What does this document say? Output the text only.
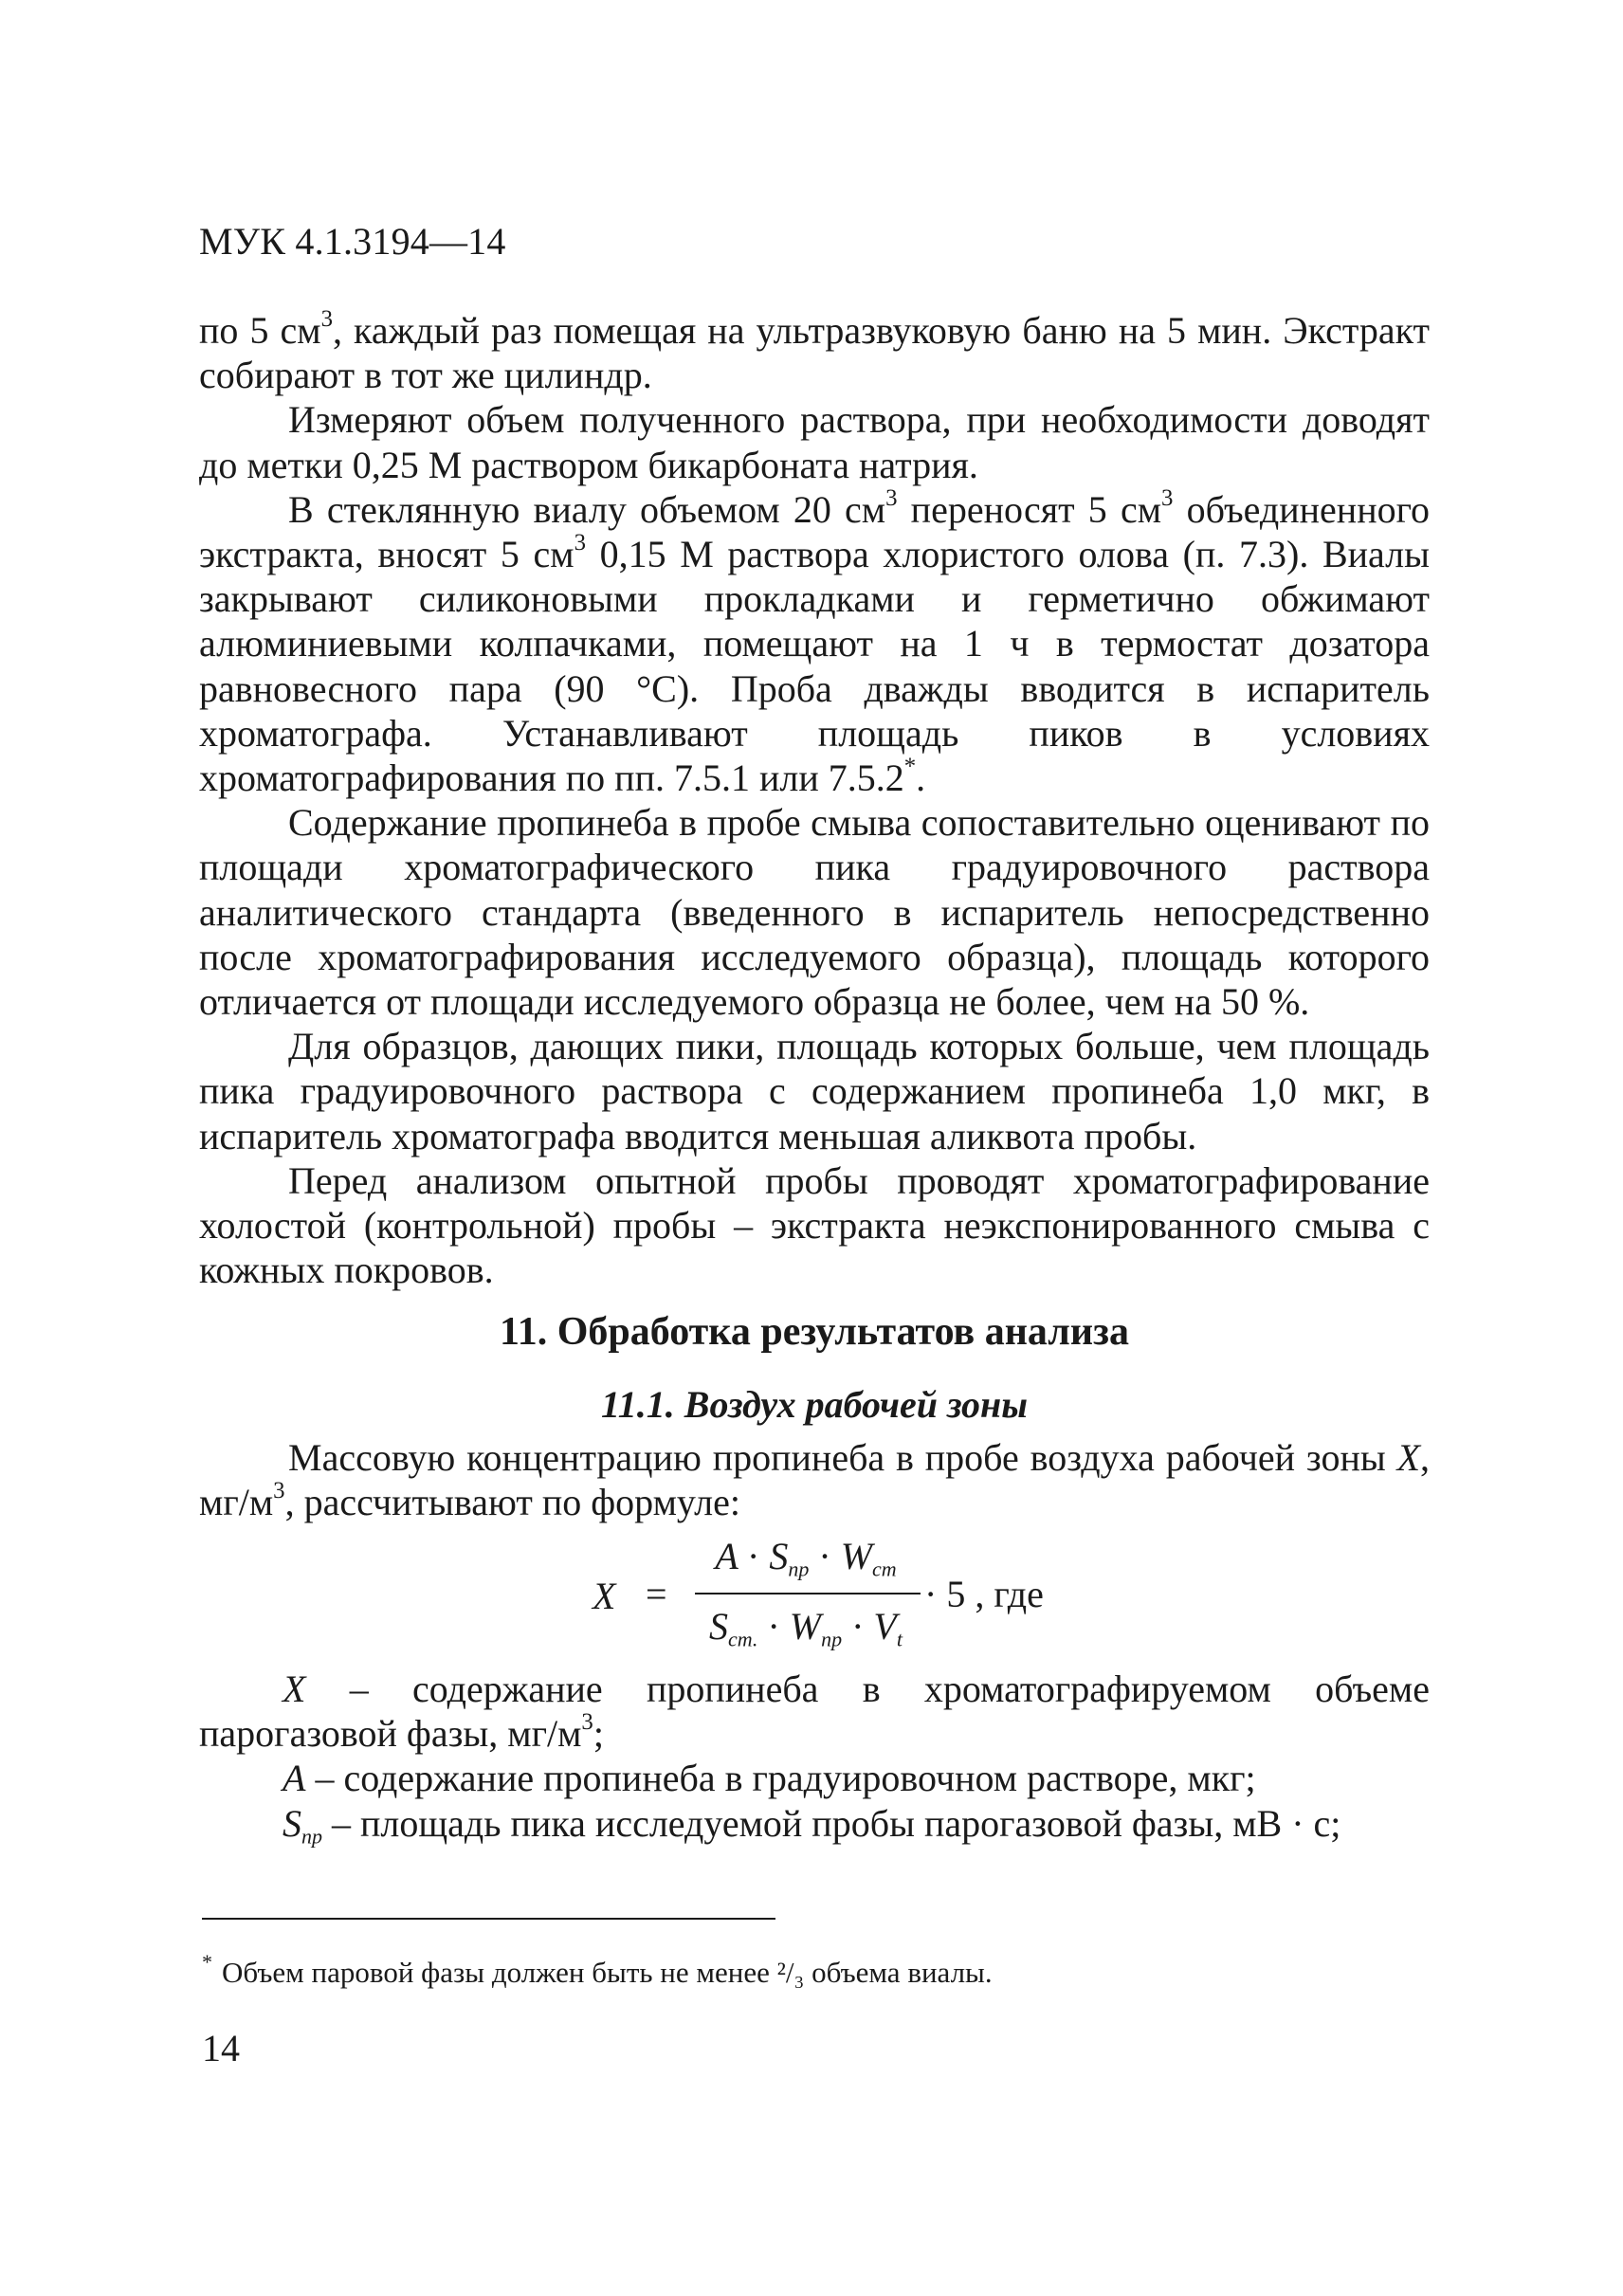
МУК 4.1.3194—14

по 5 $см^3$, каждый раз помещая на ультразвуковую баню на 5 мин. Экстракт собирают в тот же цилиндр.

Измеряют объем полученного раствора, при необходимости доводят до метки 0,25 М раствором бикарбоната натрия.

В стеклянную виалу объемом 20 $см^3$ переносят 5 $см^3$ объединенного экстракта, вносят 5 $см^3$ 0,15 М раствора хлористого олова (п. 7.3). Виалы закрывают силиконовыми прокладками и герметично обжимают алюминиевыми колпачками, помещают на 1 ч в термостат дозатора равновесного пара (90 °С). Проба дважды вводится в испаритель хроматографа. Устанавливают площадь пиков в условиях хроматографирования по пп. 7.5.1 или 7.5.2*.

Содержание пропинеба в пробе смыва сопоставительно оценивают по площади хроматографического пика градуировочного раствора аналитического стандарта (введенного в испаритель непосредственно после хроматографирования исследуемого образца), площадь которого отличается от площади исследуемого образца не более, чем на 50 %.

Для образцов, дающих пики, площадь которых больше, чем площадь пика градуировочного раствора с содержанием пропинеба 1,0 мкг, в испаритель хроматографа вводится меньшая аликвота пробы.

Перед анализом опытной пробы проводят хроматографирование холостой (контрольной) пробы – экстракта неэкспонированного смыва с кожных покровов.

11. Обработка результатов анализа
11.1. Воздух рабочей зоны

Массовую концентрацию пропинеба в пробе воздуха рабочей зоны X, $мг/м^3$, рассчитывают по формуле:

X =
$A \cdot S_{пр} \cdot W_{ст}$
$S_{ст.} \cdot W_{пр} \cdot V_t$
· 5 , где

X – содержание пропинеба в хроматографируемом объеме парогазовой фазы, $мг/м^3$;

A – содержание пропинеба в градуировочном растворе, мкг;

$S_{пр}$ – площадь пика исследуемой пробы парогазовой фазы, мВ · с;

* Объем паровой фазы должен быть не менее ²/₃ объема виалы.
14
